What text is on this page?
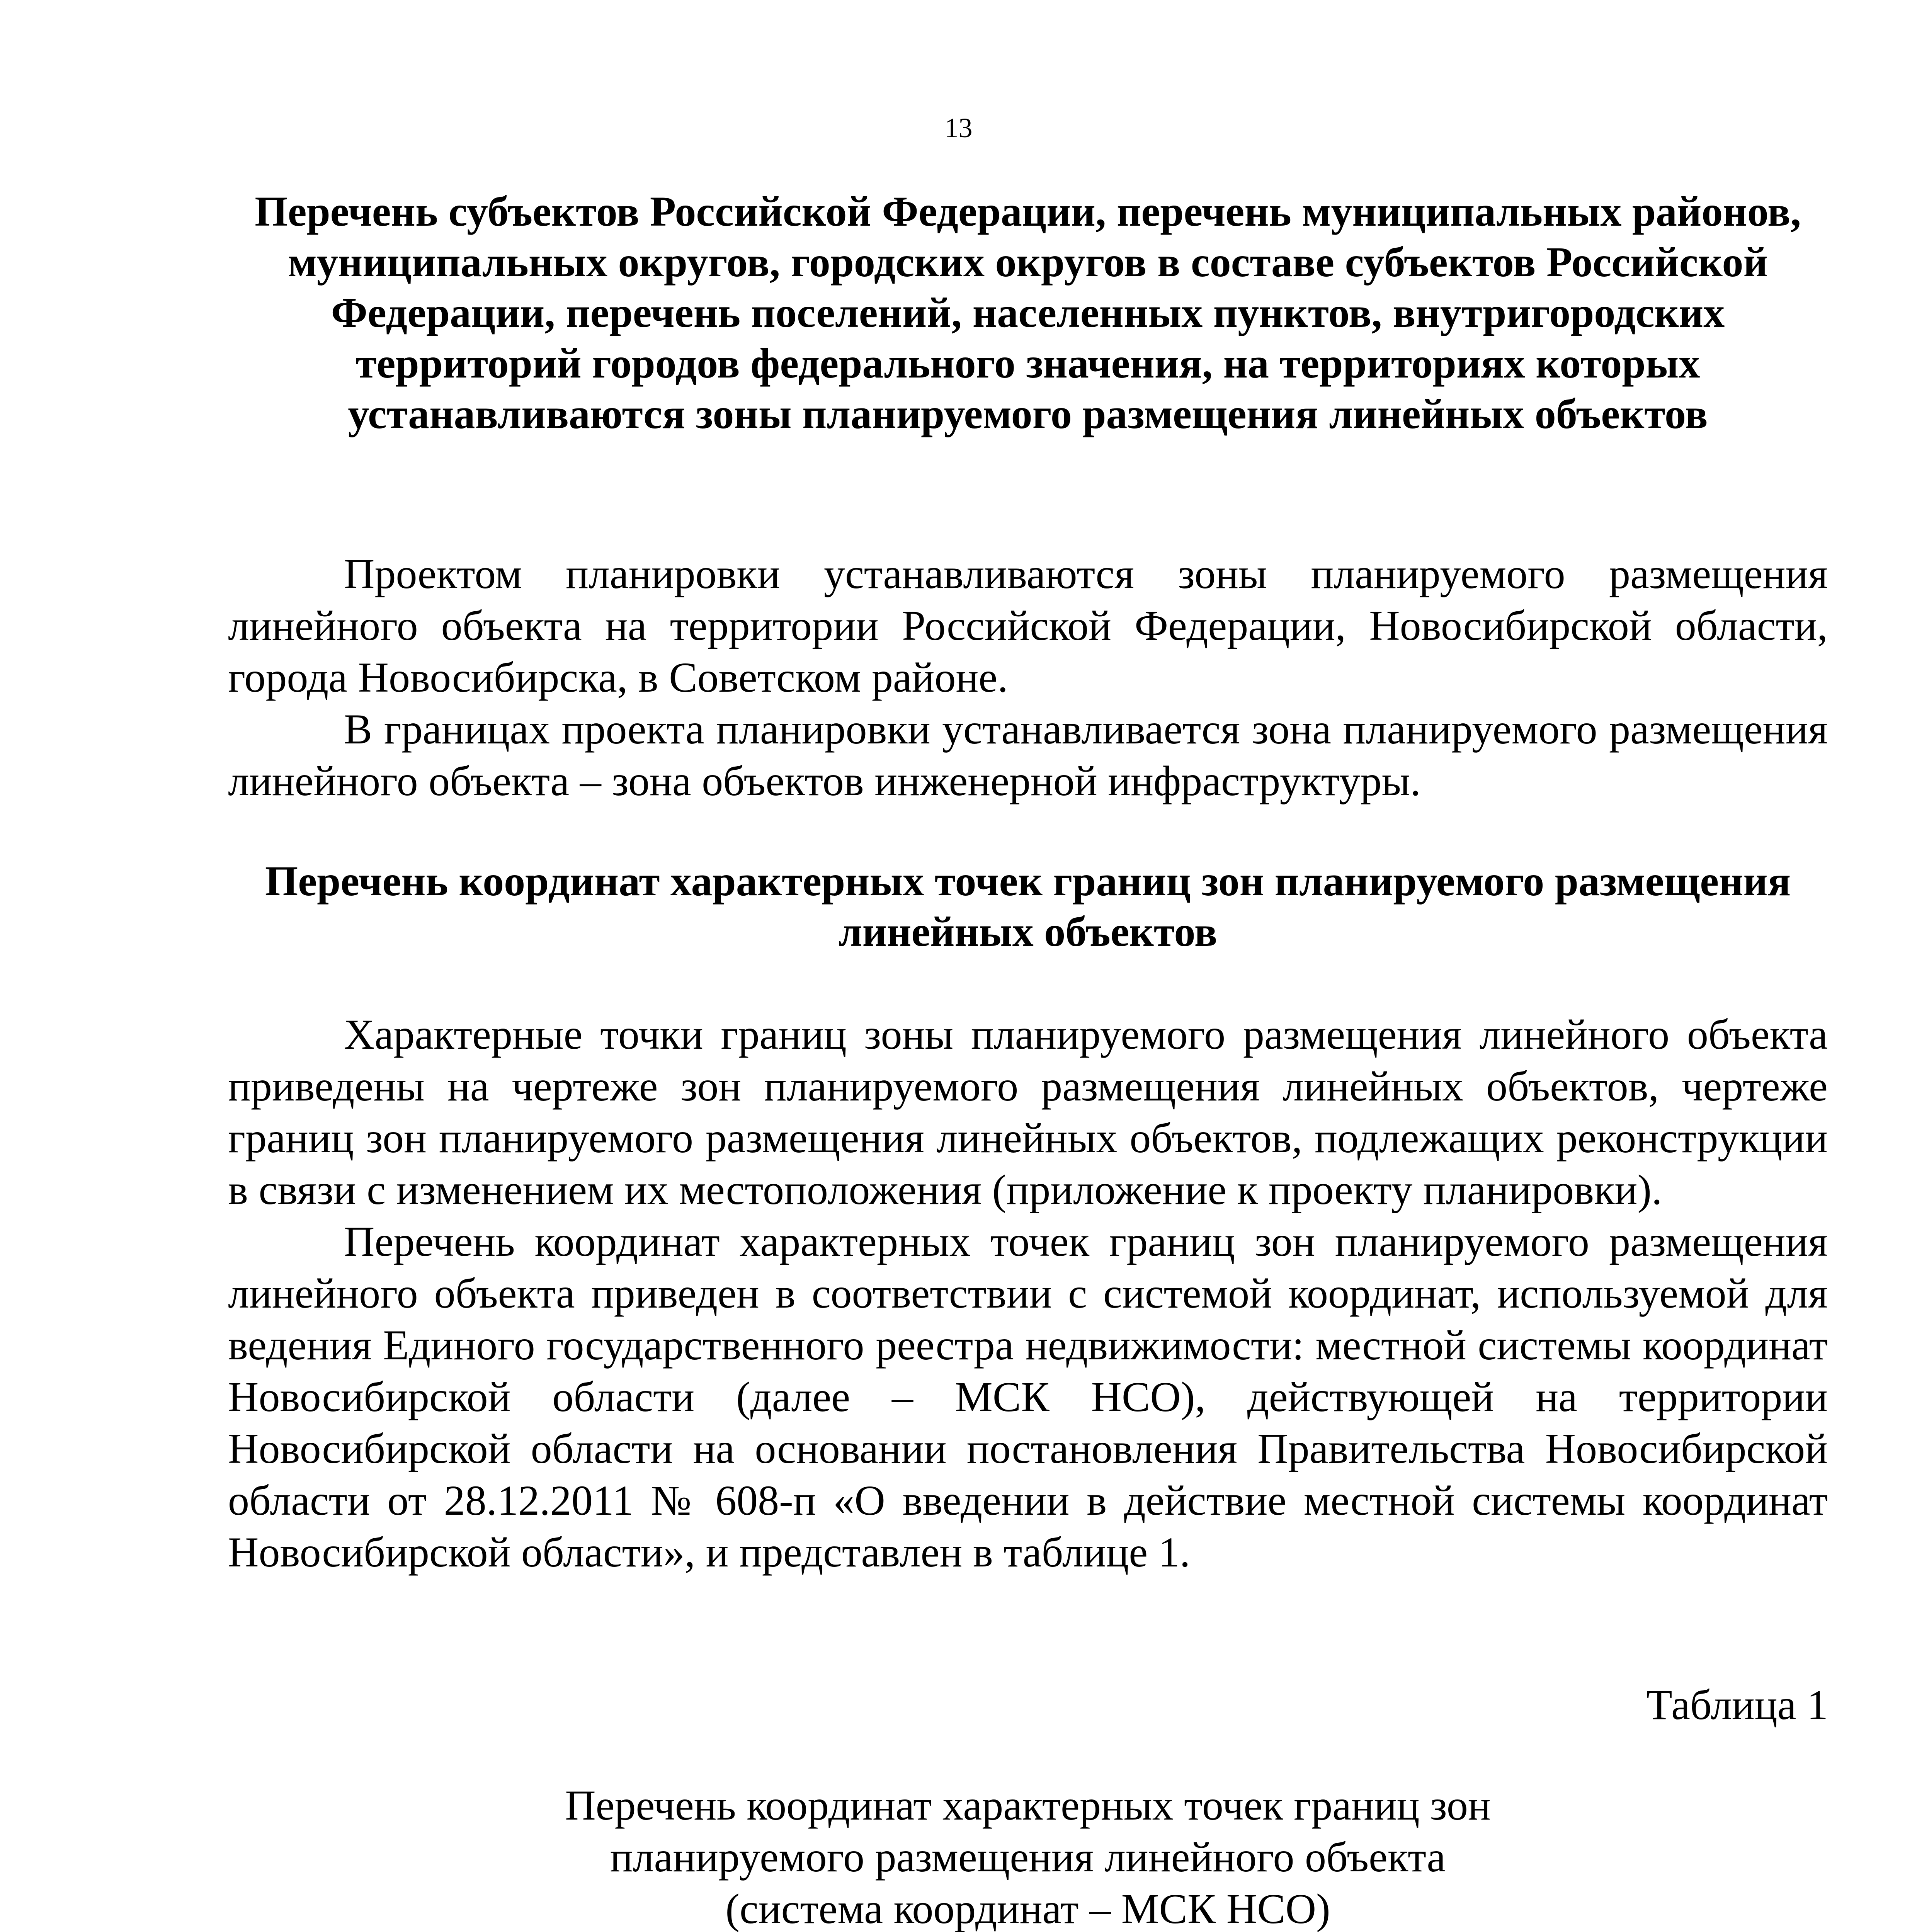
13
Перечень субъектов Российской Федерации, перечень муниципальных районов, муниципальных округов, городских округов в составе субъектов Российской Федерации, перечень поселений, населенных пунктов, внутригородских территорий городов федерального значения, на территориях которых устанавливаются зоны планируемого размещения линейных объектов

Проектом планировки устанавливаются зоны планируемого размещения линейного объекта на территории Российской Федерации, Новосибирской области, города Новосибирска, в Советском районе.

В границах проекта планировки устанавливается зона планируемого размещения линейного объекта – зона объектов инженерной инфраструктуры.

Перечень координат характерных точек границ зон планируемого размещения линейных объектов

Характерные точки границ зоны планируемого размещения линейного объекта приведены на чертеже зон планируемого размещения линейных объектов, чертеже границ зон планируемого размещения линейных объектов, подлежащих реконструкции в связи с изменением их местоположения (приложение к проекту планировки).

Перечень координат характерных точек границ зон планируемого размещения линейного объекта приведен в соответствии с системой координат, используемой для ведения Единого государственного реестра недвижимости: местной системы координат Новосибирской области (далее – МСК НСО), действующей на территории Новосибирской области на основании постановления Правительства Новосибирской области от 28.12.2011 № 608-п «О введении в действие местной системы координат Новосибирской области», и представлен в таблице 1.

Таблица 1
Перечень координат характерных точек границ зон
планируемого размещения линейного объекта
(система координат – МСК НСО)
